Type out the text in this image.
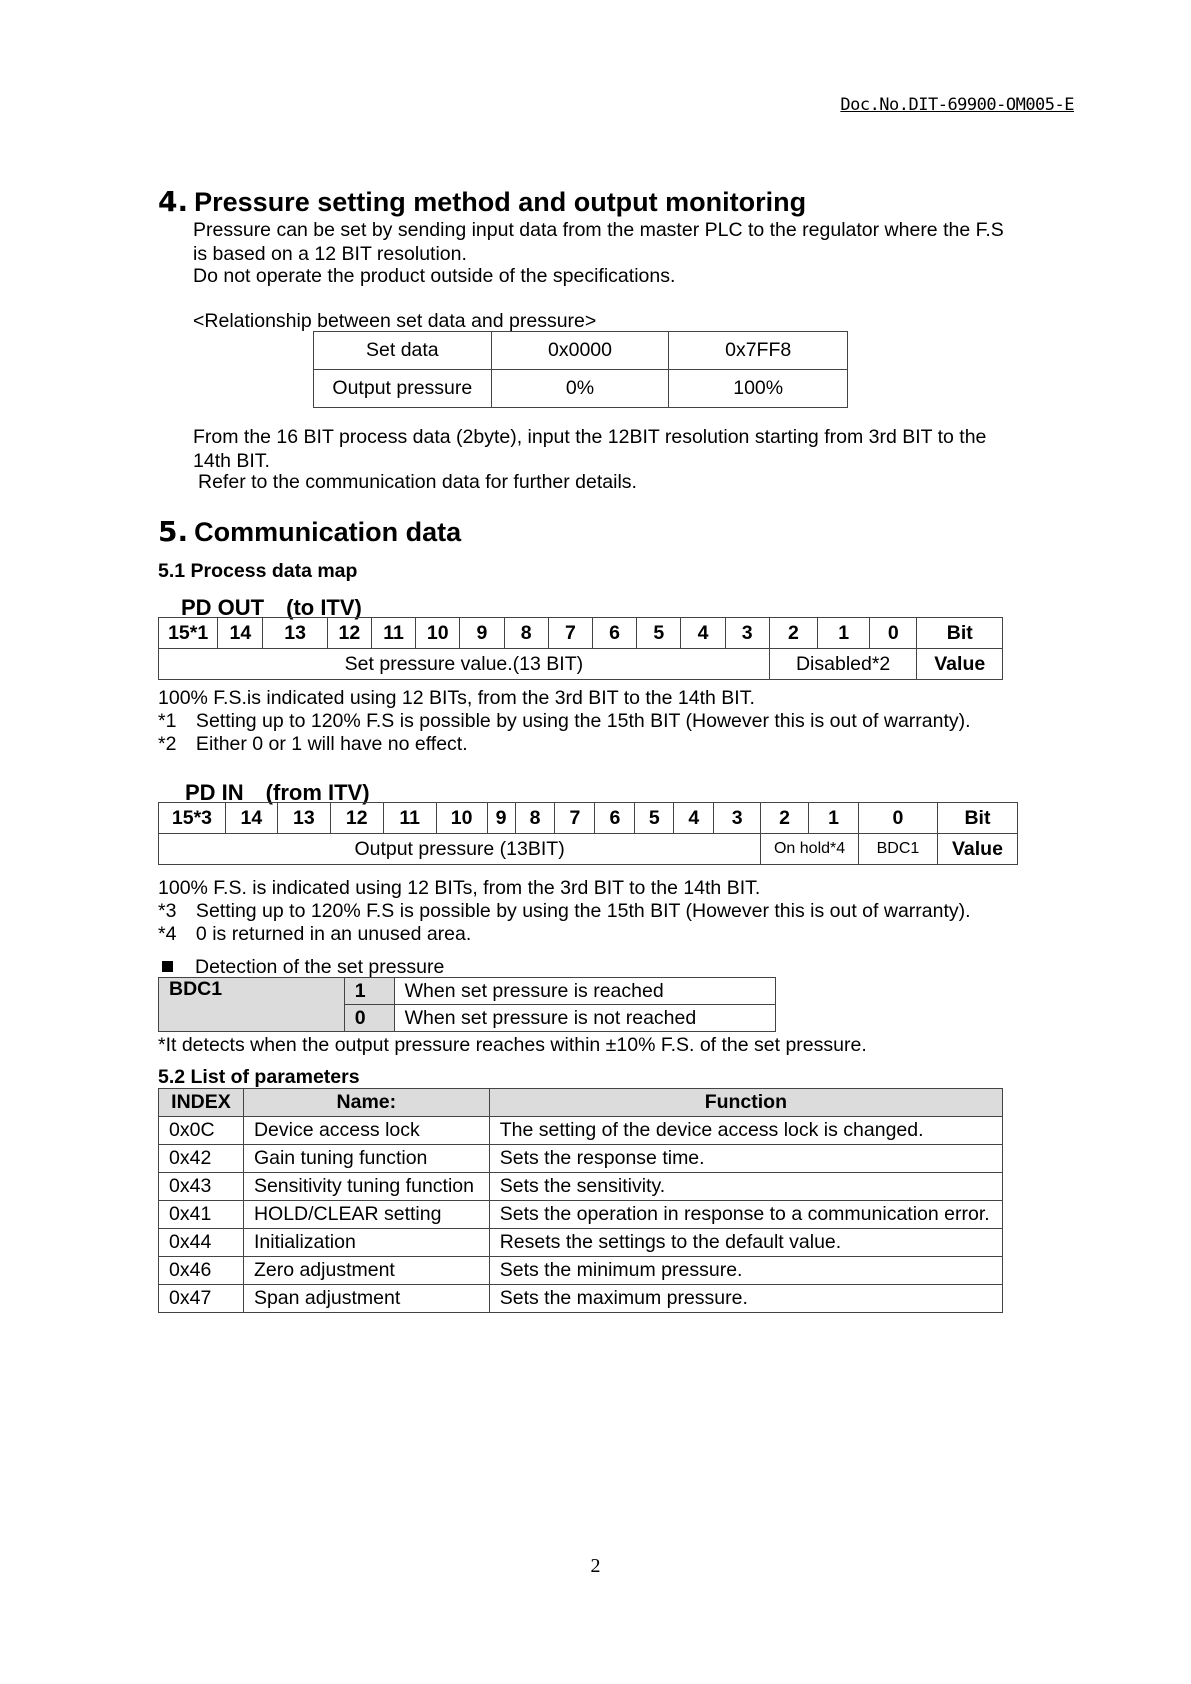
Doc.No.DIT-69900-OM005-E
4. Pressure setting method and output monitoring
Pressure can be set by sending input data from the master PLC to the regulator where the F.S is based on a 12 BIT resolution.
Do not operate the product outside of the specifications.
<Relationship between set data and pressure>
Set data	0x0000	0x7FF8
Output pressure	0%	100%
From the 16 BIT process data (2byte), input the 12BIT resolution starting from 3rd BIT to the 14th BIT.
Refer to the communication data for further details.
5. Communication data
5.1 Process data map
PD OUT　(to ITV)
15*1	14	13	12	11	10	9	8	7	6	5	4	3	2	1	0	Bit
Set pressure value.(13 BIT)													Disabled*2			Value
100% F.S.is indicated using 12 BITs, from the 3rd BIT to the 14th BIT.
*1　Setting up to 120% F.S is possible by using the 15th BIT (However this is out of warranty).
*2　Either 0 or 1 will have no effect.
PD IN　(from ITV)
15*3	14	13	12	11	10	9	8	7	6	5	4	3	2	1	0	Bit
Output pressure (13BIT)													On hold*4		BDC1	Value
100% F.S. is indicated using 12 BITs, from the 3rd BIT to the 14th BIT.
*3　Setting up to 120% F.S is possible by using the 15th BIT (However this is out of warranty).
*4　0 is returned in an unused area.
Detection of the set pressure
BDC1	1	When set pressure is reached
	0	When set pressure is not reached
*It detects when the output pressure reaches within ±10% F.S. of the set pressure.
5.2 List of parameters
INDEX	Name:	Function
0x0C	Device access lock	The setting of the device access lock is changed.
0x42	Gain tuning function	Sets the response time.
0x43	Sensitivity tuning function	Sets the sensitivity.
0x41	HOLD/CLEAR setting	Sets the operation in response to a communication error.
0x44	Initialization	Resets the settings to the default value.
0x46	Zero adjustment	Sets the minimum pressure.
0x47	Span adjustment	Sets the maximum pressure.
2
